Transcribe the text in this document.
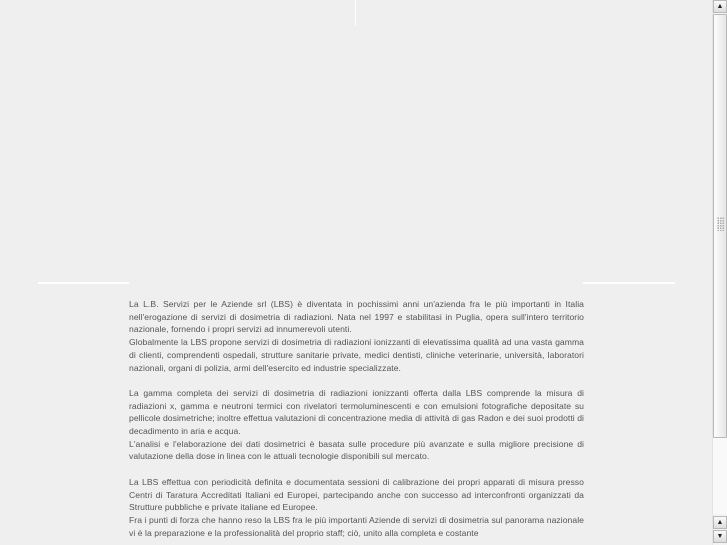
La L.B. Servizi per le Aziende srl (LBS) è diventata in pochissimi anni un'azienda fra le più importanti in Italia nell'erogazione di servizi di dosimetria di radiazioni. Nata nel 1997 e stabilitasi in Puglia, opera sull'intero territorio nazionale, fornendo i propri servizi ad innumerevoli utenti.

Globalmente la LBS propone servizi di dosimetria di radiazioni ionizzanti di elevatissima qualità ad una vasta gamma di clienti, comprendenti ospedali, strutture sanitarie private, medici dentisti, cliniche veterinarie, università, laboratori nazionali, organi di polizia, armi dell'esercito ed industrie specializzate.

La gamma completa dei servizi di dosimetria di radiazioni ionizzanti offerta dalla LBS comprende la misura di radiazioni x, gamma e neutroni termici con rivelatori termoluminescenti e con emulsioni fotografiche depositate su pellicole dosimetriche; inoltre effettua valutazioni di concentrazione media di attività di gas Radon e dei suoi prodotti di decadimento in aria e acqua.

L'analisi e l'elaborazione dei dati dosimetrici è basata sulle procedure più avanzate e sulla migliore precisione di valutazione della dose in linea con le attuali tecnologie disponibili sul mercato.

La LBS effettua con periodicità definita e documentata sessioni di calibrazione dei propri apparati di misura presso Centri di Taratura Accreditati Italiani ed Europei, partecipando anche con successo ad interconfronti organizzati da Strutture pubbliche e private italiane ed Europee.

Fra i punti di forza che hanno reso la LBS fra le più importanti Aziende di servizi di dosimetria sul panorama nazionale vi è la preparazione e la professionalità del proprio staff; ciò, unito alla completa e costante

▲
▲
▼
